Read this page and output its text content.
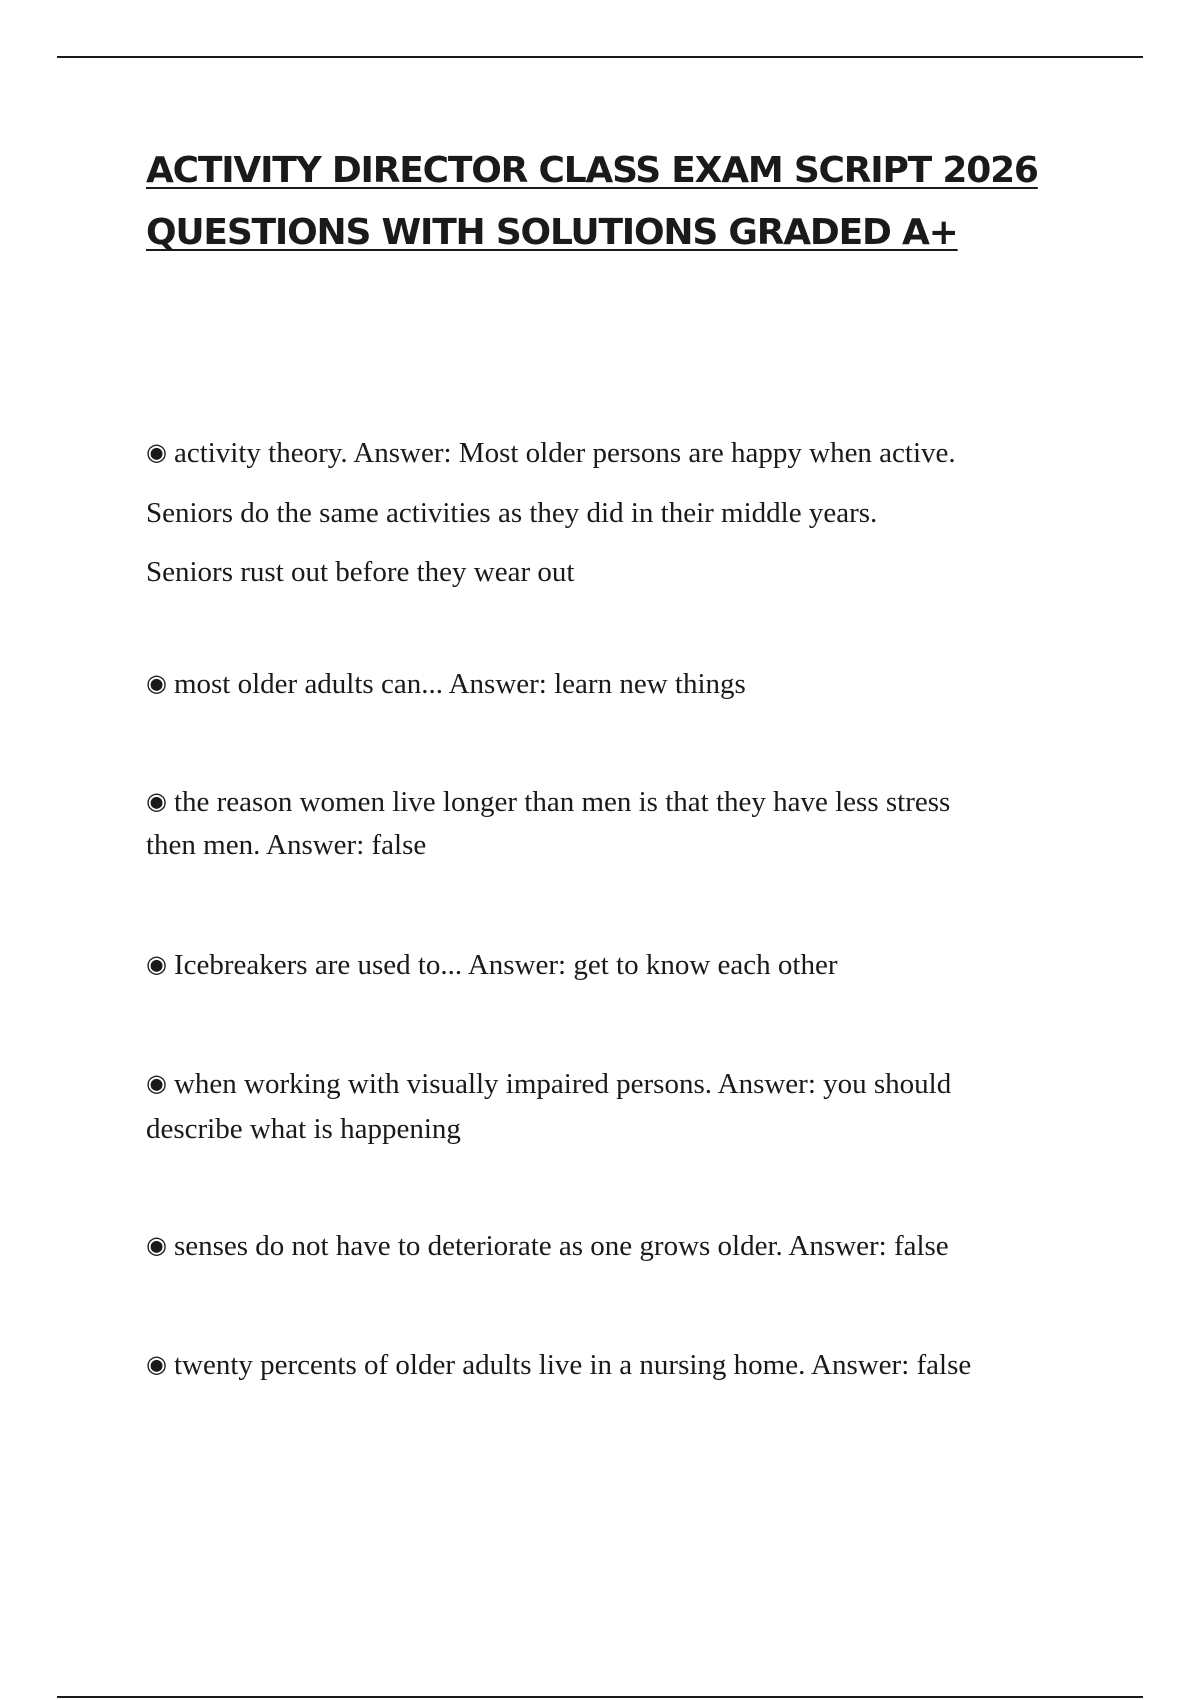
ACTIVITY DIRECTOR CLASS EXAM SCRIPT 2026
QUESTIONS WITH SOLUTIONS GRADED A+
◉ activity theory. Answer: Most older persons are happy when active.
Seniors do the same activities as they did in their middle years.
Seniors rust out before they wear out
◉ most older adults can... Answer: learn new things
◉ the reason women live longer than men is that they have less stress
then men. Answer: false
◉ Icebreakers are used to... Answer: get to know each other
◉ when working with visually impaired persons. Answer: you should
describe what is happening
◉ senses do not have to deteriorate as one grows older. Answer: false
◉ twenty percents of older adults live in a nursing home. Answer: false
